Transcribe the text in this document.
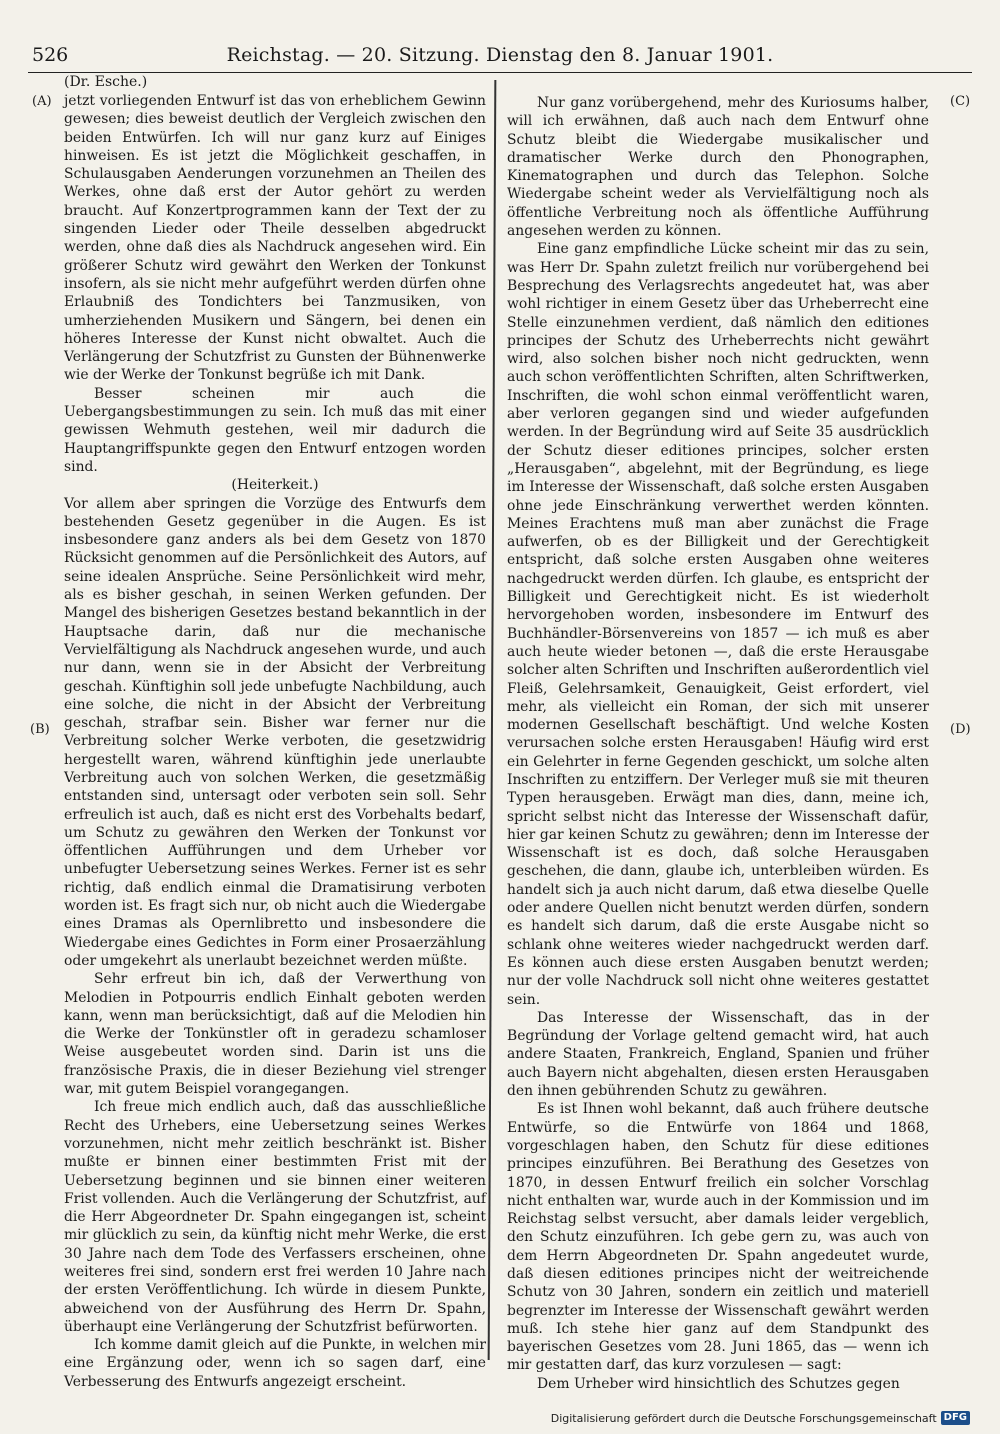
526	Reichstag. — 20. Sitzung. Dienstag den 8. Januar 1901.
(Dr. Esche.)
(A)
(B)
(C)
(D)

jetzt vorliegenden Entwurf ist das von erheblichem Gewinn gewesen; dies beweist deutlich der Vergleich zwischen den beiden Entwürfen. Ich will nur ganz kurz auf Einiges hinweisen. Es ist jetzt die Möglichkeit geschaffen, in Schulausgaben Aenderungen vorzunehmen an Theilen des Werkes, ohne daß erst der Autor gehört zu werden braucht. Auf Konzertprogrammen kann der Text der zu singenden Lieder oder Theile desselben abgedruckt werden, ohne daß dies als Nachdruck angesehen wird. Ein größerer Schutz wird gewährt den Werken der Tonkunst insofern, als sie nicht mehr aufgeführt werden dürfen ohne Erlaubniß des Tondichters bei Tanzmusiken, von umherziehenden Musikern und Sängern, bei denen ein höheres Interesse der Kunst nicht obwaltet. Auch die Verlängerung der Schutzfrist zu Gunsten der Bühnenwerke wie der Werke der Tonkunst begrüße ich mit Dank.

Besser scheinen mir auch die Uebergangsbestimmungen zu sein. Ich muß das mit einer gewissen Wehmuth gestehen, weil mir dadurch die Hauptangriffspunkte gegen den Entwurf entzogen worden sind.

(Heiterkeit.)

Vor allem aber springen die Vorzüge des Entwurfs dem bestehenden Gesetz gegenüber in die Augen. Es ist insbesondere ganz anders als bei dem Gesetz von 1870 Rücksicht genommen auf die Persönlichkeit des Autors, auf seine idealen Ansprüche. Seine Persönlichkeit wird mehr, als es bisher geschah, in seinen Werken gefunden. Der Mangel des bisherigen Gesetzes bestand bekanntlich in der Hauptsache darin, daß nur die mechanische Vervielfältigung als Nachdruck angesehen wurde, und auch nur dann, wenn sie in der Absicht der Verbreitung geschah. Künftighin soll jede unbefugte Nachbildung, auch eine solche, die nicht in der Absicht der Verbreitung geschah, strafbar sein. Bisher war ferner nur die Verbreitung solcher Werke verboten, die gesetzwidrig hergestellt waren, während künftighin jede unerlaubte Verbreitung auch von solchen Werken, die gesetzmäßig entstanden sind, untersagt oder verboten sein soll. Sehr erfreulich ist auch, daß es nicht erst des Vorbehalts bedarf, um Schutz zu gewähren den Werken der Tonkunst vor öffentlichen Aufführungen und dem Urheber vor unbefugter Uebersetzung seines Werkes. Ferner ist es sehr richtig, daß endlich einmal die Dramatisirung verboten worden ist. Es fragt sich nur, ob nicht auch die Wiedergabe eines Dramas als Opernlibretto und insbesondere die Wiedergabe eines Gedichtes in Form einer Prosaerzählung oder umgekehrt als unerlaubt bezeichnet werden müßte.

Sehr erfreut bin ich, daß der Verwerthung von Melodien in Potpourris endlich Einhalt geboten werden kann, wenn man berücksichtigt, daß auf die Melodien hin die Werke der Tonkünstler oft in geradezu schamloser Weise ausgebeutet worden sind. Darin ist uns die französische Praxis, die in dieser Beziehung viel strenger war, mit gutem Beispiel vorangegangen.

Ich freue mich endlich auch, daß das ausschließliche Recht des Urhebers, eine Uebersetzung seines Werkes vorzunehmen, nicht mehr zeitlich beschränkt ist. Bisher mußte er binnen einer bestimmten Frist mit der Uebersetzung beginnen und sie binnen einer weiteren Frist vollenden. Auch die Verlängerung der Schutzfrist, auf die Herr Abgeordneter Dr. Spahn eingegangen ist, scheint mir glücklich zu sein, da künftig nicht mehr Werke, die erst 30 Jahre nach dem Tode des Verfassers erscheinen, ohne weiteres frei sind, sondern erst frei werden 10 Jahre nach der ersten Veröffentlichung. Ich würde in diesem Punkte, abweichend von der Ausführung des Herrn Dr. Spahn, überhaupt eine Verlängerung der Schutzfrist befürworten.

Ich komme damit gleich auf die Punkte, in welchen mir eine Ergänzung oder, wenn ich so sagen darf, eine Verbesserung des Entwurfs angezeigt erscheint.

Nur ganz vorübergehend, mehr des Kuriosums halber, will ich erwähnen, daß auch nach dem Entwurf ohne Schutz bleibt die Wiedergabe musikalischer und dramatischer Werke durch den Phonographen, Kinematographen und durch das Telephon. Solche Wiedergabe scheint weder als Vervielfältigung noch als öffentliche Verbreitung noch als öffentliche Aufführung angesehen werden zu können.

Eine ganz empfindliche Lücke scheint mir das zu sein, was Herr Dr. Spahn zuletzt freilich nur vorübergehend bei Besprechung des Verlagsrechts angedeutet hat, was aber wohl richtiger in einem Gesetz über das Urheberrecht eine Stelle einzunehmen verdient, daß nämlich den editiones principes der Schutz des Urheberrechts nicht gewährt wird, also solchen bisher noch nicht gedruckten, wenn auch schon veröffentlichten Schriften, alten Schriftwerken, Inschriften, die wohl schon einmal veröffentlicht waren, aber verloren gegangen sind und wieder aufgefunden werden. In der Begründung wird auf Seite 35 ausdrücklich der Schutz dieser editiones principes, solcher ersten „Herausgaben“, abgelehnt, mit der Begründung, es liege im Interesse der Wissenschaft, daß solche ersten Ausgaben ohne jede Einschränkung verwerthet werden könnten. Meines Erachtens muß man aber zunächst die Frage aufwerfen, ob es der Billigkeit und der Gerechtigkeit entspricht, daß solche ersten Ausgaben ohne weiteres nachgedruckt werden dürfen. Ich glaube, es entspricht der Billigkeit und Gerechtigkeit nicht. Es ist wiederholt hervorgehoben worden, insbesondere im Entwurf des Buchhändler-Börsenvereins von 1857 — ich muß es aber auch heute wieder betonen —, daß die erste Herausgabe solcher alten Schriften und Inschriften außerordentlich viel Fleiß, Gelehrsamkeit, Genauigkeit, Geist erfordert, viel mehr, als vielleicht ein Roman, der sich mit unserer modernen Gesellschaft beschäftigt. Und welche Kosten verursachen solche ersten Herausgaben! Häufig wird erst ein Gelehrter in ferne Gegenden geschickt, um solche alten Inschriften zu entziffern. Der Verleger muß sie mit theuren Typen herausgeben. Erwägt man dies, dann, meine ich, spricht selbst nicht das Interesse der Wissenschaft dafür, hier gar keinen Schutz zu gewähren; denn im Interesse der Wissenschaft ist es doch, daß solche Herausgaben geschehen, die dann, glaube ich, unterbleiben würden. Es handelt sich ja auch nicht darum, daß etwa dieselbe Quelle oder andere Quellen nicht benutzt werden dürfen, sondern es handelt sich darum, daß die erste Ausgabe nicht so schlank ohne weiteres wieder nachgedruckt werden darf. Es können auch diese ersten Ausgaben benutzt werden; nur der volle Nachdruck soll nicht ohne weiteres gestattet sein.

Das Interesse der Wissenschaft, das in der Begründung der Vorlage geltend gemacht wird, hat auch andere Staaten, Frankreich, England, Spanien und früher auch Bayern nicht abgehalten, diesen ersten Herausgaben den ihnen gebührenden Schutz zu gewähren.

Es ist Ihnen wohl bekannt, daß auch frühere deutsche Entwürfe, so die Entwürfe von 1864 und 1868, vorgeschlagen haben, den Schutz für diese editiones principes einzuführen. Bei Berathung des Gesetzes von 1870, in dessen Entwurf freilich ein solcher Vorschlag nicht enthalten war, wurde auch in der Kommission und im Reichstag selbst versucht, aber damals leider vergeblich, den Schutz einzuführen. Ich gebe gern zu, was auch von dem Herrn Abgeordneten Dr. Spahn angedeutet wurde, daß diesen editiones principes nicht der weitreichende Schutz von 30 Jahren, sondern ein zeitlich und materiell begrenzter im Interesse der Wissenschaft gewährt werden muß. Ich stehe hier ganz auf dem Standpunkt des bayerischen Gesetzes vom 28. Juni 1865, das — wenn ich mir gestatten darf, das kurz vorzulesen — sagt:

Dem Urheber wird hinsichtlich des Schutzes gegen

Digitalisierung gefördert durch die Deutsche Forschungsgemeinschaft DFG
